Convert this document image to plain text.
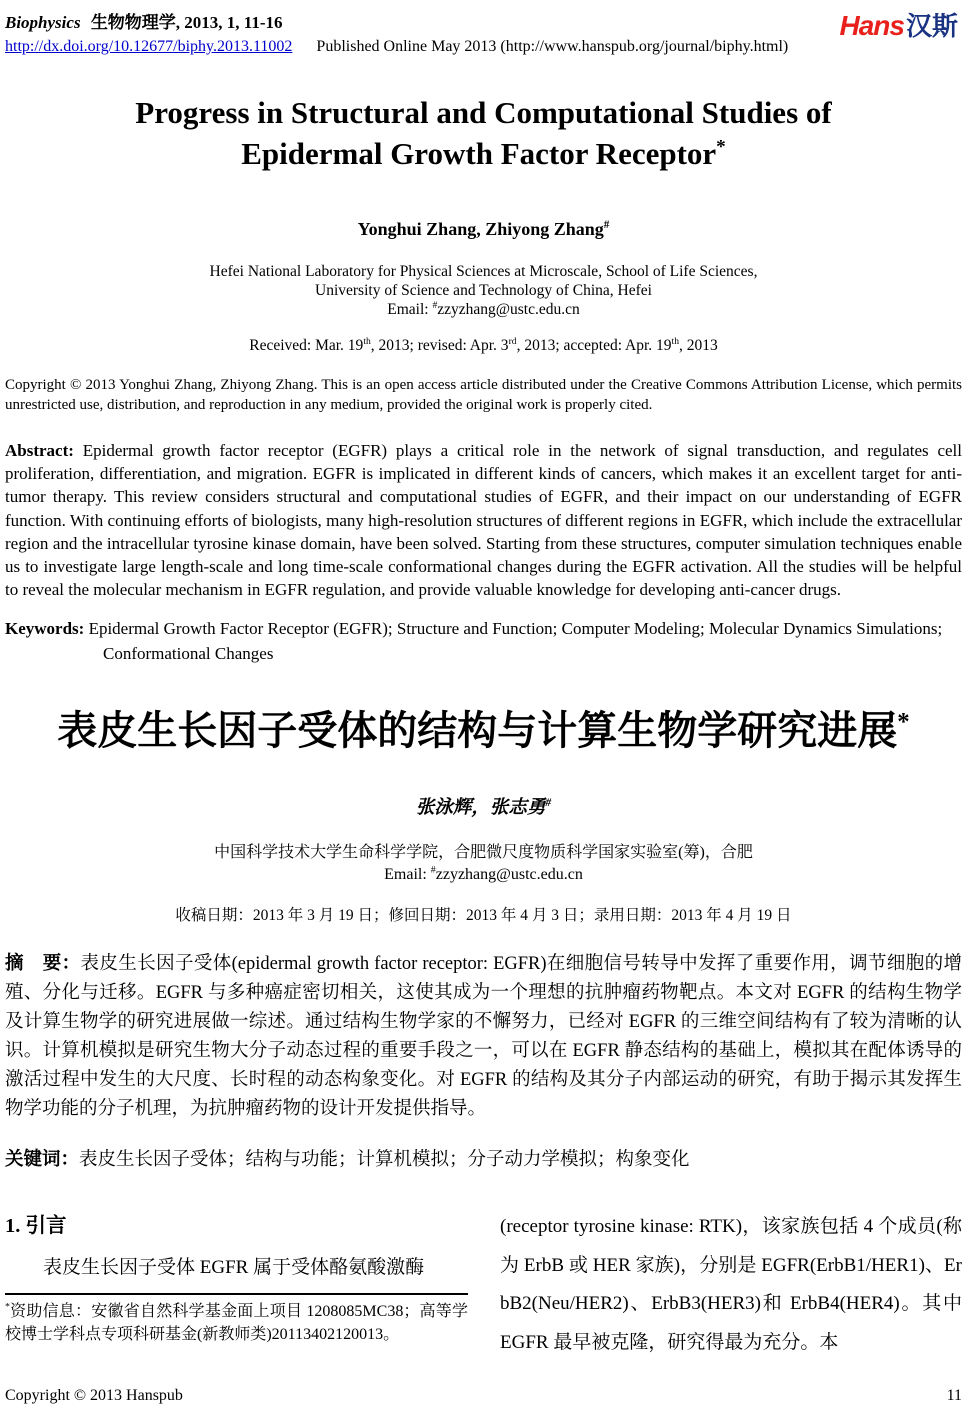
Biophysics 生物物理学, 2013, 1, 11-16
http://dx.doi.org/10.12677/biphy.2013.11002 Published Online May 2013 (http://www.hanspub.org/journal/biphy.html)
Hans汉斯
Progress in Structural and Computational Studies of
Epidermal Growth Factor Receptor*
Yonghui Zhang, Zhiyong Zhang#
Hefei National Laboratory for Physical Sciences at Microscale, School of Life Sciences,
University of Science and Technology of China, Hefei
Email: #zzyzhang@ustc.edu.cn
Received: Mar. 19th, 2013; revised: Apr. 3rd, 2013; accepted: Apr. 19th, 2013

Copyright © 2013 Yonghui Zhang, Zhiyong Zhang. This is an open access article distributed under the Creative Commons Attribution License, which permits unrestricted use, distribution, and reproduction in any medium, provided the original work is properly cited.

Abstract: Epidermal growth factor receptor (EGFR) plays a critical role in the network of signal transduction, and regulates cell proliferation, differentiation, and migration. EGFR is implicated in different kinds of cancers, which makes it an excellent target for anti-tumor therapy. This review considers structural and computational studies of EGFR, and their impact on our understanding of EGFR function. With continuing efforts of biologists, many high-resolution structures of different regions in EGFR, which include the extracellular region and the intracellular tyrosine kinase domain, have been solved. Starting from these structures, computer simulation techniques enable us to investigate large length-scale and long time-scale conformational changes during the EGFR activation. All the studies will be helpful to reveal the molecular mechanism in EGFR regulation, and provide valuable knowledge for developing anti-cancer drugs.

Keywords: Epidermal Growth Factor Receptor (EGFR); Structure and Function; Computer Modeling; Molecular Dynamics Simulations; Conformational Changes

表皮生长因子受体的结构与计算生物学研究进展*
张泳辉，张志勇#
中国科学技术大学生命科学学院，合肥微尺度物质科学国家实验室(筹)，合肥
Email: #zzyzhang@ustc.edu.cn
收稿日期：2013 年 3 月 19 日；修回日期：2013 年 4 月 3 日；录用日期：2013 年 4 月 19 日

摘　要：表皮生长因子受体(epidermal growth factor receptor: EGFR)在细胞信号转导中发挥了重要作用，调节细胞的增殖、分化与迁移。EGFR 与多种癌症密切相关，这使其成为一个理想的抗肿瘤药物靶点。本文对 EGFR 的结构生物学及计算生物学的研究进展做一综述。通过结构生物学家的不懈努力，已经对 EGFR 的三维空间结构有了较为清晰的认识。计算机模拟是研究生物大分子动态过程的重要手段之一，可以在 EGFR 静态结构的基础上，模拟其在配体诱导的激活过程中发生的大尺度、长时程的动态构象变化。对 EGFR 的结构及其分子内部运动的研究，有助于揭示其发挥生物学功能的分子机理，为抗肿瘤药物的设计开发提供指导。

关键词：表皮生长因子受体；结构与功能；计算机模拟；分子动力学模拟；构象变化

1. 引言

表皮生长因子受体 EGFR 属于受体酪氨酸激酶

*资助信息：安徽省自然科学基金面上项目 1208085MC38；高等学校博士学科点专项科研基金(新教师类)20113402120013。

(receptor tyrosine kinase: RTK)，该家族包括 4 个成员(称为 ErbB 或 HER 家族)，分别是 EGFR(ErbB1/HER1)、ErbB2(Neu/HER2)、ErbB3(HER3)和 ErbB4(HER4)。其中 EGFR 最早被克隆，研究得最为充分。本

Copyright © 2013 Hanspub	11
